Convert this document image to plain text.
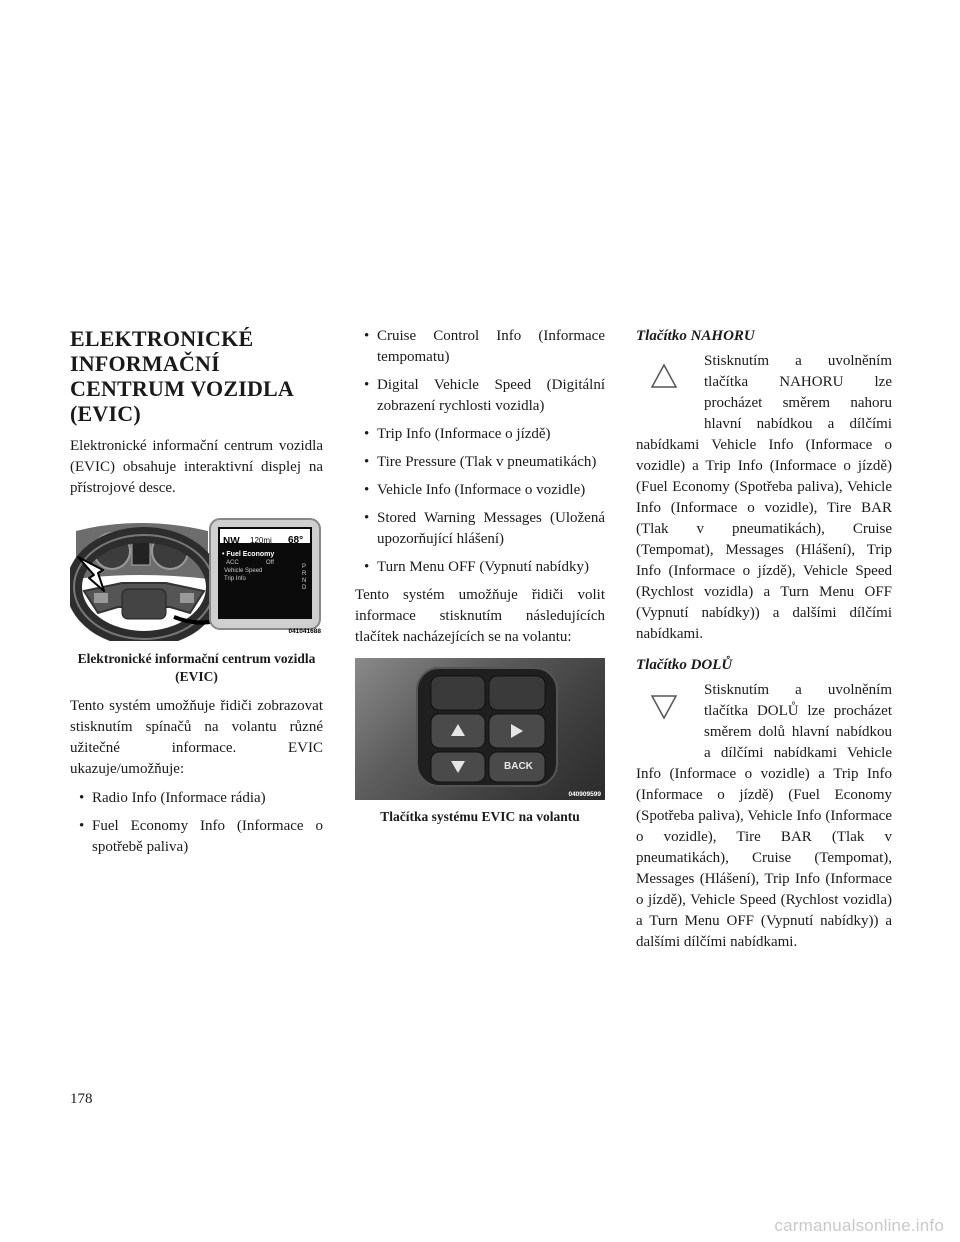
ELEKTRONICKÉ
INFORMAČNÍ
CENTRUM VOZIDLA
(EVIC)

Elektronické informační centrum vozidla (EVIC) obsahuje interaktivní displej na přístrojové desce.

NW 120mi 68°
• Fuel Economy
ACC	Off
Vehicle Speed
Trip Info
P
R
N
D
041041688
Elektronické informační centrum vozidla (EVIC)

Tento systém umožňuje řidiči zobrazovat stisknutím spínačů na volantu různé užitečné informace. EVIC ukazuje/umožňuje:

• Radio Info (Informace rádia)
• Fuel Economy Info (Informace o spotřebě paliva)
• Cruise Control Info (Informace tempomatu)
• Digital Vehicle Speed (Digitální zobrazení rychlosti vozidla)
• Trip Info (Informace o jízdě)
• Tire Pressure (Tlak v pneumatikách)
• Vehicle Info (Informace o vozidle)
• Stored Warning Messages (Uložená upozorňující hlášení)
• Turn Menu OFF (Vypnutí nabídky)

Tento systém umožňuje řidiči volit informace stisknutím následujících tlačítek nacházejících se na volantu:

BACK
040909599
Tlačítka systému EVIC na volantu
Tlačítko NAHORU

Stisknutím a uvolněním tlačítka NAHORU lze procházet směrem nahoru hlavní nabídkou a dílčími nabídkami Vehicle Info (Informace o vozidle) a Trip Info (Informace o jízdě) (Fuel Economy (Spotřeba paliva), Vehicle Info (Informace o vozidle), Tire BAR (Tlak v pneumatikách), Cruise (Tempomat), Messages (Hlášení), Trip Info (Informace o jízdě), Vehicle Speed (Rychlost vozidla) a Turn Menu OFF (Vypnutí nabídky)) a dalšími dílčími nabídkami.

Tlačítko DOLŮ

Stisknutím a uvolněním tlačítka DOLŮ lze procházet směrem dolů hlavní nabídkou a dílčími nabídkami Vehicle Info (Informace o vozidle) a Trip Info (Informace o jízdě) (Fuel Economy (Spotřeba paliva), Vehicle Info (Informace o vozidle), Tire BAR (Tlak v pneumatikách), Cruise (Tempomat), Messages (Hlášení), Trip Info (Informace o jízdě), Vehicle Speed (Rychlost vozidla) a Turn Menu OFF (Vypnutí nabídky)) a dalšími dílčími nabídkami.

178
carmanualsonline.info
